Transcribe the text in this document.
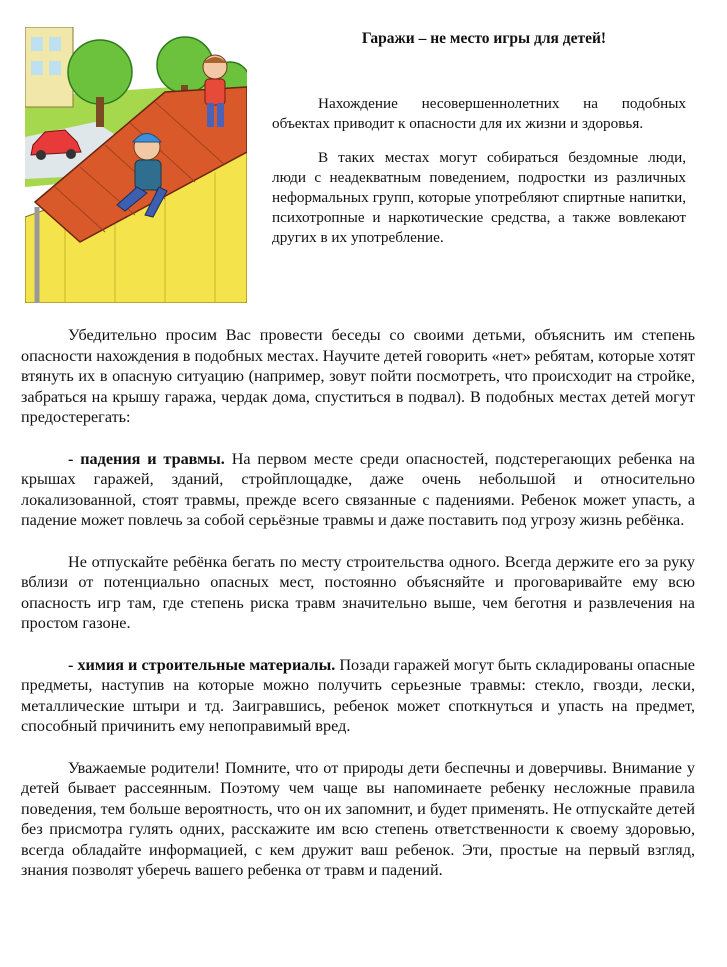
Гаражи – не место игры для детей!

Нахождение несовершеннолетних на подобных объектах приводит к опасности для их жизни и здоровья.

В таких местах могут собираться бездомные люди, люди с неадекватным поведением, подростки из различных неформальных групп, которые употребляют спиртные напитки, психотропные и наркотические средства, а также вовлекают других в их употребление.

Убедительно просим Вас провести беседы со своими детьми, объяснить им степень опасности нахождения в подобных местах. Научите детей говорить «нет» ребятам, которые хотят втянуть их в опасную ситуацию (например, зовут пойти посмотреть, что происходит на стройке, забраться на крышу гаража, чердак дома, спуститься в подвал). В подобных местах детей могут предостерегать:

- падения и травмы. На первом месте среди опасностей, подстерегающих ребенка на крышах гаражей, зданий, стройплощадке, даже очень небольшой и относительно локализованной, стоят травмы, прежде всего связанные с падениями. Ребенок может упасть, а падение может повлечь за собой серьёзные травмы и даже поставить под угрозу жизнь ребёнка.

Не отпускайте ребёнка бегать по месту строительства одного. Всегда держите его за руку вблизи от потенциально опасных мест, постоянно объясняйте и проговаривайте ему всю опасность игр там, где степень риска травм значительно выше, чем беготня и развлечения на простом газоне.

- химия и строительные материалы. Позади гаражей могут быть складированы опасные предметы, наступив на которые можно получить серьезные травмы: стекло, гвозди, лески, металлические штыри и тд. Заигравшись, ребенок может споткнуться и упасть на предмет, способный причинить ему непоправимый вред.

Уважаемые родители! Помните, что от природы дети беспечны и доверчивы. Внимание у детей бывает рассеянным. Поэтому чем чаще вы напоминаете ребенку несложные правила поведения, тем больше вероятность, что он их запомнит, и будет применять. Не отпускайте детей без присмотра гулять одних, расскажите им всю степень ответственности к своему здоровью, всегда обладайте информацией, с кем дружит ваш ребенок. Эти, простые на первый взгляд, знания позволят уберечь вашего ребенка от травм и падений.
